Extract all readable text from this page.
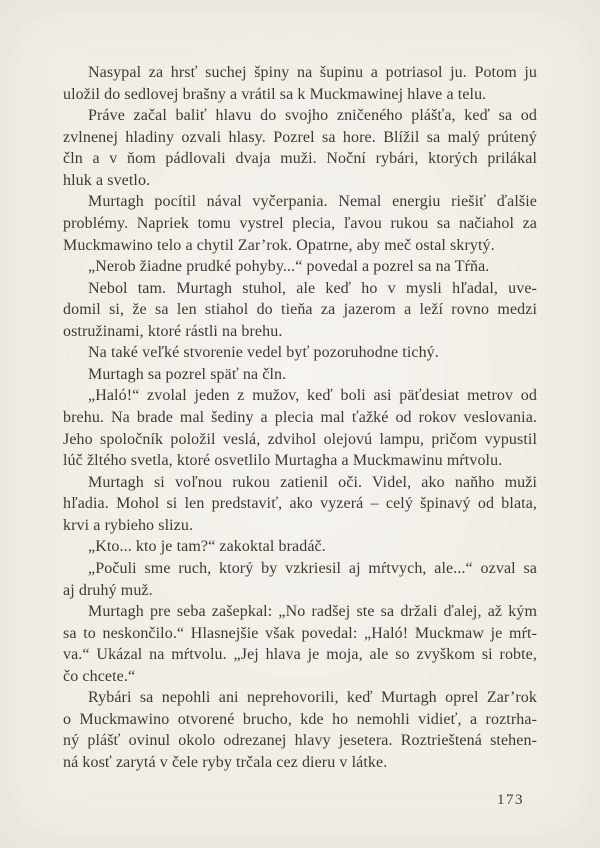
Nasypal za hrsť suchej špiny na šupinu a potriasol ju. Potom ju
uložil do sedlovej brašny a vrátil sa k Muckmawinej hlave a telu.
Práve začal baliť hlavu do svojho zničeného plášťa, keď sa od
zvlnenej hladiny ozvali hlasy. Pozrel sa hore. Blížil sa malý prútený
čln a v ňom pádlovali dvaja muži. Noční rybári, ktorých prilákal
hluk a svetlo.
Murtagh pocítil nával vyčerpania. Nemal energiu riešiť ďalšie
problémy. Napriek tomu vystrel plecia, ľavou rukou sa načiahol za
Muckmawino telo a chytil Zar’rok. Opatrne, aby meč ostal skrytý.
„Nerob žiadne prudké pohyby...“ povedal a pozrel sa na Tŕňa.
Nebol tam. Murtagh stuhol, ale keď ho v mysli hľadal, uve-
domil si, že sa len stiahol do tieňa za jazerom a leží rovno medzi
ostružinami, ktoré rástli na brehu.
Na také veľké stvorenie vedel byť pozoruhodne tichý.
Murtagh sa pozrel späť na čln.
„Haló!“ zvolal jeden z mužov, keď boli asi päťdesiat metrov od
brehu. Na brade mal šediny a plecia mal ťažké od rokov veslovania.
Jeho spoločník položil veslá, zdvihol olejovú lampu, pričom vypustil
lúč žltého svetla, ktoré osvetlilo Murtagha a Muckmawinu mŕtvolu.
Murtagh si voľnou rukou zatienil oči. Videl, ako naňho muži
hľadia. Mohol si len predstaviť, ako vyzerá – celý špinavý od blata,
krvi a rybieho slizu.
„Kto... kto je tam?“ zakoktal bradáč.
„Počuli sme ruch, ktorý by vzkriesil aj mŕtvych, ale...“ ozval sa
aj druhý muž.
Murtagh pre seba zašepkal: „No radšej ste sa držali ďalej, až kým
sa to neskončilo.“ Hlasnejšie však povedal: „Haló! Muckmaw je mŕt-
va.“ Ukázal na mŕtvolu. „Jej hlava je moja, ale so zvyškom si robte,
čo chcete.“
Rybári sa nepohli ani neprehovorili, keď Murtagh oprel Zar’rok
o Muckmawino otvorené brucho, kde ho nemohli vidieť, a roztrha-
ný plášť ovinul okolo odrezanej hlavy jesetera. Roztrieštená stehen-
ná kosť zarytá v čele ryby trčala cez dieru v látke.
173
